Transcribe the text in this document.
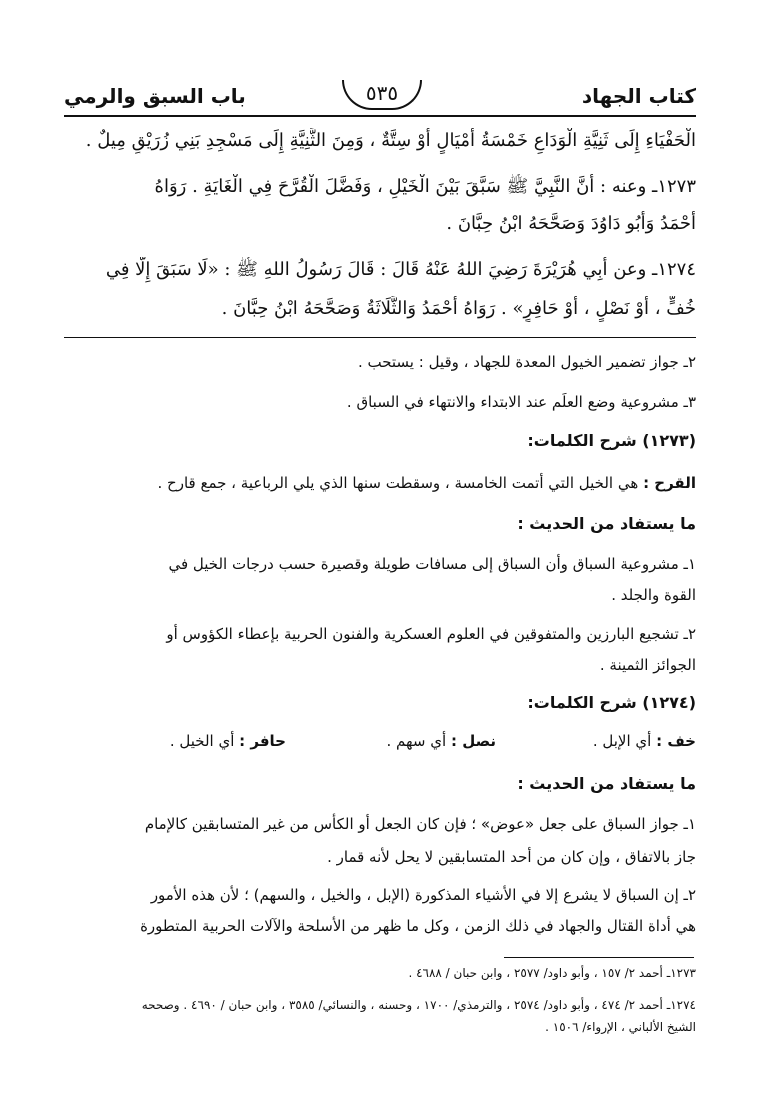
كتاب الجهاد
٥٣٥
باب السبق والرمي
الْحَفْيَاءِ إِلَى ثَنِيَّةِ الْوَدَاعِ خَمْسَةُ أَمْيَالٍ أَوْ سِتَّةٌ ، وَمِنَ الثَّنِيَّةِ إِلَى مَسْجِدِ بَنِي زُرَيْقٍ مِيلٌ .
١٢٧٣ـ وعنه : أَنَّ النَّبِيَّ ﷺ سَبَّقَ بَيْنَ الْخَيْلِ ، وَفَضَّلَ الْقُرَّحَ فِي الْغَايَةِ . رَوَاهُ
أَحْمَدُ وَأَبُو دَاوُدَ وَصَحَّحَهُ ابْنُ حِبَّانَ .
١٢٧٤ـ وعن أَبِي هُرَيْرَةَ رَضِيَ اللهُ عَنْهُ قَالَ : قَالَ رَسُولُ اللهِ ﷺ : «لَا سَبَقَ إِلَّا فِي
خُفٍّ ، أَوْ نَصْلٍ ، أَوْ حَافِرٍ» . رَوَاهُ أَحْمَدُ وَالثَّلَاثَةُ وَصَحَّحَهُ ابْنُ حِبَّانَ .
٢ـ جواز تضمير الخيول المعدة للجهاد ، وقيل : يستحب .
٣ـ مشروعية وضع العلَم عند الابتداء والانتهاء في السباق .
(١٢٧٣) شرح الكلمات:
القرح : هي الخيل التي أتمت الخامسة ، وسقطت سنها الذي يلي الرباعية ، جمع قارح .
ما يستفاد من الحديث :
١ـ مشروعية السباق وأن السباق إلى مسافات طويلة وقصيرة حسب درجات الخيل في
القوة والجلد .
٢ـ تشجيع البارزين والمتفوقين في العلوم العسكرية والفنون الحربية بإعطاء الكؤوس أو
الجوائز الثمينة .
(١٢٧٤) شرح الكلمات:
خف : أي الإبل .
نصل : أي سهم .
حافر : أي الخيل .
ما يستفاد من الحديث :
١ـ جواز السباق على جعل «عوض» ؛ فإن كان الجعل أو الكأس من غير المتسابقين كالإمام
جاز بالاتفاق ، وإن كان من أحد المتسابقين لا يحل لأنه قمار .
٢ـ إن السباق لا يشرع إلا في الأشياء المذكورة (الإبل ، والخيل ، والسهم) ؛ لأن هذه الأمور
هي أداة القتال والجهاد في ذلك الزمن ، وكل ما ظهر من الأسلحة والآلات الحربية المتطورة
١٢٧٣ـ أحمد ٢/ ١٥٧ ، وأبو داود/ ٢٥٧٧ ، وابن حبان / ٤٦٨٨ .
١٢٧٤ـ أحمد ٢/ ٤٧٤ ، وأبو داود/ ٢٥٧٤ ، والترمذي/ ١٧٠٠ ، وحسنه ، والنسائي/ ٣٥٨٥ ، وابن حبان / ٤٦٩٠ . وصححه
الشيخ الألباني ، الإرواء/ ١٥٠٦ .
